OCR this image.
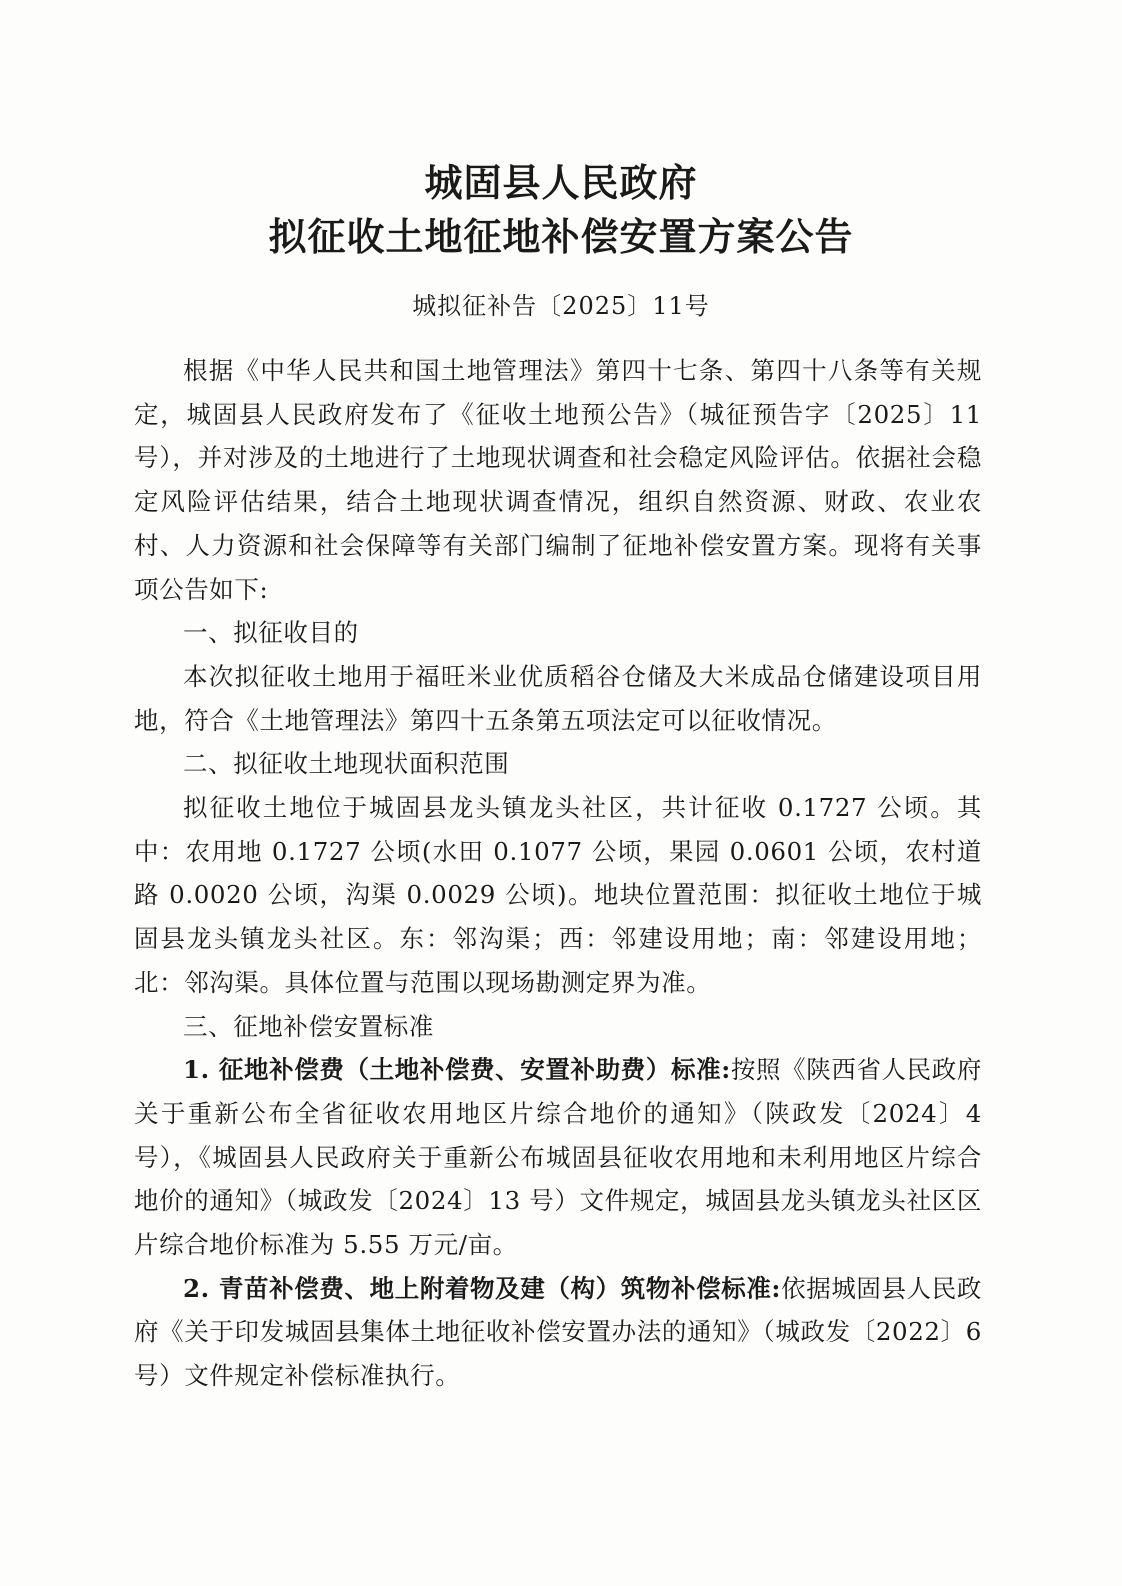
城固县人民政府
拟征收土地征地补偿安置方案公告
城拟征补告〔2025〕11号

根据《中华人民共和国土地管理法》第四十七条、第四十八条等有关规定，城固县人民政府发布了《征收土地预公告》（城征预告字〔2025〕11 号），并对涉及的土地进行了土地现状调查和社会稳定风险评估。依据社会稳定风险评估结果，结合土地现状调查情况，组织自然资源、财政、农业农村、人力资源和社会保障等有关部门编制了征地补偿安置方案。现将有关事项公告如下:

一、拟征收目的

本次拟征收土地用于福旺米业优质稻谷仓储及大米成品仓储建设项目用地，符合《土地管理法》第四十五条第五项法定可以征收情况。

二、拟征收土地现状面积范围

拟征收土地位于城固县龙头镇龙头社区，共计征收 0.1727 公顷。其中：农用地 0.1727 公顷(水田 0.1077 公顷，果园 0.0601 公顷，农村道路 0.0020 公顷，沟渠 0.0029 公顷)。地块位置范围：拟征收土地位于城固县龙头镇龙头社区。东：邻沟渠；西：邻建设用地；南：邻建设用地；北：邻沟渠。具体位置与范围以现场勘测定界为准。

三、征地补偿安置标准

1. 征地补偿费（土地补偿费、安置补助费）标准:按照《陕西省人民政府关于重新公布全省征收农用地区片综合地价的通知》（陕政发〔2024〕4 号），《城固县人民政府关于重新公布城固县征收农用地和未利用地区片综合地价的通知》（城政发〔2024〕13 号）文件规定，城固县龙头镇龙头社区区片综合地价标准为 5.55 万元/亩。

2. 青苗补偿费、地上附着物及建（构）筑物补偿标准:依据城固县人民政府《关于印发城固县集体土地征收补偿安置办法的通知》（城政发〔2022〕6 号）文件规定补偿标准执行。
